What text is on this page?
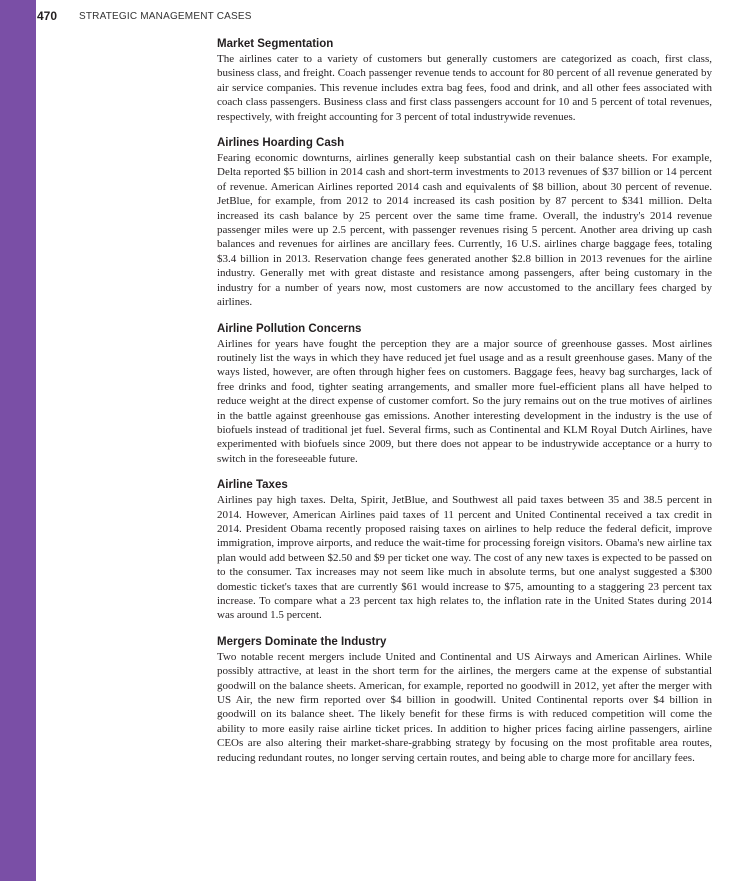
470	STRATEGIC MANAGEMENT CASES
Market Segmentation

The airlines cater to a variety of customers but generally customers are categorized as coach, first class, business class, and freight. Coach passenger revenue tends to account for 80 percent of all revenue generated by air service companies. This revenue includes extra bag fees, food and drink, and all other fees associated with coach class passengers. Business class and first class passengers account for 10 and 5 percent of total revenues, respectively, with freight accounting for 3 percent of total industrywide revenues.

Airlines Hoarding Cash

Fearing economic downturns, airlines generally keep substantial cash on their balance sheets. For example, Delta reported $5 billion in 2014 cash and short-term investments to 2013 revenues of $37 billion or 14 percent of revenue. American Airlines reported 2014 cash and equivalents of $8 billion, about 30 percent of revenue. JetBlue, for example, from 2012 to 2014 increased its cash position by 87 percent to $341 million. Delta increased its cash balance by 25 percent over the same time frame. Overall, the industry's 2014 revenue passenger miles were up 2.5 percent, with passenger revenues rising 5 percent. Another area driving up cash balances and revenues for airlines are ancillary fees. Currently, 16 U.S. airlines charge baggage fees, totaling $3.4 billion in 2013. Reservation change fees generated another $2.8 billion in 2013 revenues for the airline industry. Generally met with great distaste and resistance among passengers, after being customary in the industry for a number of years now, most customers are now accustomed to the ancillary fees charged by airlines.

Airline Pollution Concerns

Airlines for years have fought the perception they are a major source of greenhouse gasses. Most airlines routinely list the ways in which they have reduced jet fuel usage and as a result greenhouse gases. Many of the ways listed, however, are often through higher fees on customers. Baggage fees, heavy bag surcharges, lack of free drinks and food, tighter seating arrangements, and smaller more fuel-efficient plans all have helped to reduce weight at the direct expense of customer comfort. So the jury remains out on the true motives of airlines in the battle against greenhouse gas emissions. Another interesting development in the industry is the use of biofuels instead of traditional jet fuel. Several firms, such as Continental and KLM Royal Dutch Airlines, have experimented with biofuels since 2009, but there does not appear to be industrywide acceptance or a hurry to switch in the foreseeable future.

Airline Taxes

Airlines pay high taxes. Delta, Spirit, JetBlue, and Southwest all paid taxes between 35 and 38.5 percent in 2014. However, American Airlines paid taxes of 11 percent and United Continental received a tax credit in 2014. President Obama recently proposed raising taxes on airlines to help reduce the federal deficit, improve immigration, improve airports, and reduce the wait-time for processing foreign visitors. Obama's new airline tax plan would add between $2.50 and $9 per ticket one way. The cost of any new taxes is expected to be passed on to the consumer. Tax increases may not seem like much in absolute terms, but one analyst suggested a $300 domestic ticket's taxes that are currently $61 would increase to $75, amounting to a staggering 23 percent tax increase. To compare what a 23 percent tax high relates to, the inflation rate in the United States during 2014 was around 1.5 percent.

Mergers Dominate the Industry

Two notable recent mergers include United and Continental and US Airways and American Airlines. While possibly attractive, at least in the short term for the airlines, the mergers came at the expense of substantial goodwill on the balance sheets. American, for example, reported no goodwill in 2012, yet after the merger with US Air, the new firm reported over $4 billion in goodwill. United Continental reports over $4 billion in goodwill on its balance sheet. The likely benefit for these firms is with reduced competition will come the ability to more easily raise airline ticket prices. In addition to higher prices facing airline passengers, airline CEOs are also altering their market-share-grabbing strategy by focusing on the most profitable area routes, reducing redundant routes, no longer serving certain routes, and being able to charge more for ancillary fees.
